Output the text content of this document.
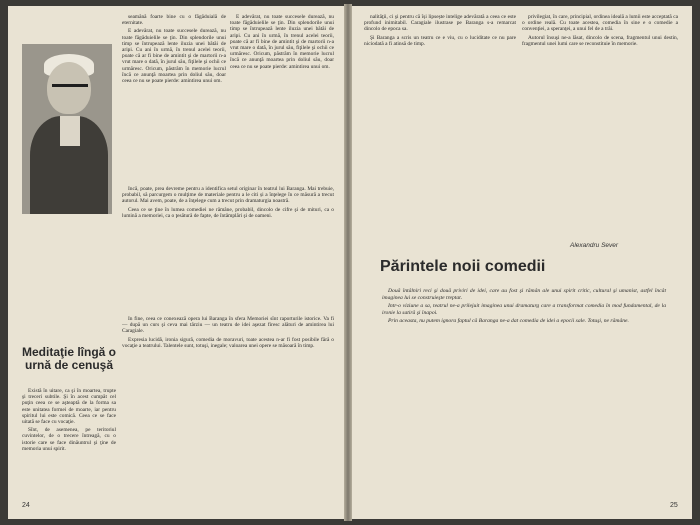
seamănă foarte bine cu o făgăduială de eternitate.

E adevărat, nu toate succesele durează, nu toate făgăduielile se ţin. Din splendorile unui timp se întrupează lente iluzia unei bătăi de aripi. Cu ani în urmă, în trenul acelei teorii, poate că ar fi bine de amintit şi de martorii n-a vrut mare o dată, în jurul său, fiţilele şi ochii ce urmăresc. Oricum, păstrăm în memorie lucrul încă ce anunţă moartea prin doliul său, doar ceea ce nu se poate pierde: amintirea unui om.

E adevărat, nu toate succesele durează, nu toate făgăduielile se ţin. Din splendorile unui timp se întrupează lente iluzia unei bătăi de aripi. Cu ani în urmă, în trenul acelei teorii, poate că ar fi bine de amintit şi de martorii n-a vrut mare o dată, în jurul său, fiţilele şi ochii ce urmăresc. Oricum, păstrăm în memorie lucrul încă ce anunţă moartea prin doliul său, doar ceea ce nu se poate pierde: amintirea unui om.

Incă, poate, prea devreme pentru a identifica setul originar în teatrul lui Baranga. Mai trebuie, probabil, să parcurgem o mulţime de materiale pentru a le citi și a înţelege în ce măsură a trecut autorul. Mai avem, poate, de a înţelege cum a trecut prin dramaturgia noastră.

Ceea ce se ţine în lumea comediei ne rămâne, probabil, dincolo de cifre şi de mituri, ca o lumină a memoriei, ca o ţesătură de fapte, de întâmplări şi de oameni.

Meditaţie lîngă o urnă de cenuşă

Există în uitare, ca şi în moartea, trupte şi treceri subtile. Şi în acest cumpăt cel puţin ceea ce se aşteaptă de la forma sa este unitatea formei de moarte, iar pentru spiritul lui este comică. Ceea ce se face uitată se face cu vocaţie.

Sînt, de asemenea, pe teritoriul cuvintelor, de o trecere întreagă, cu o istorie care se face dinăuntrul şi ţine de memoria unui spirit.

In fine, ceea ce conexează opera lui Baranga în sfera Memoriei sînt raporturile istorice. Va fi — după un curs şi ceva mai târziu — un teatru de idei aşezat firesc alături de amintirea lui Caragiale.

Expresia lucidă, ironia sigură, comedia de moravuri, toate acestea n-ar fi fost posibile fără o vocaţie a teatrului. Talentele sunt, totuşi, inegale; valoarea unei opere se măsoară în timp.

24

nalităţii, ci şi pentru că își lipsește intelige adevărată a ceea ce este profund inimitabil. Caragiale ilustrase pe Baranga s-a remarcat dincolo de epoca sa.

Şi Baranga a scris un teatru ce e viu, cu o luciditate ce nu pare niciodată a fi atinsă de timp.

privilegiat, în care, principial, ordinea ideală a lumii este acceptată ca o ordine reală. Cu toate acestea, comedia în sine e o comedie a convenţiei, a speranţei, a unui fel de a trăi.

Autorul însuşi ne-a lăsat, dincolo de scena, fragmentul unui destin, fragmentul unei lumi care se reconstituie în memorie.

Alexandru Sever
Părintele noii comedii

Două întâlniri reci şi două priviri de idei, care au fost şi rămân ale unui spirit critic, cultural şi umanist, astfel încât imaginea lui se construieşte treptat.

Intr-o viziune a sa, teatrul ne-a prilejuit imaginea unui dramaturg care a transformat comedia în mod fundamental, de la ironie la satiră şi înapoi.

Prin aceasta, nu putem ignora faptul că Baranga ne-a dat comedia de idei a epocii sale. Totuşi, ne rămâne.

25
